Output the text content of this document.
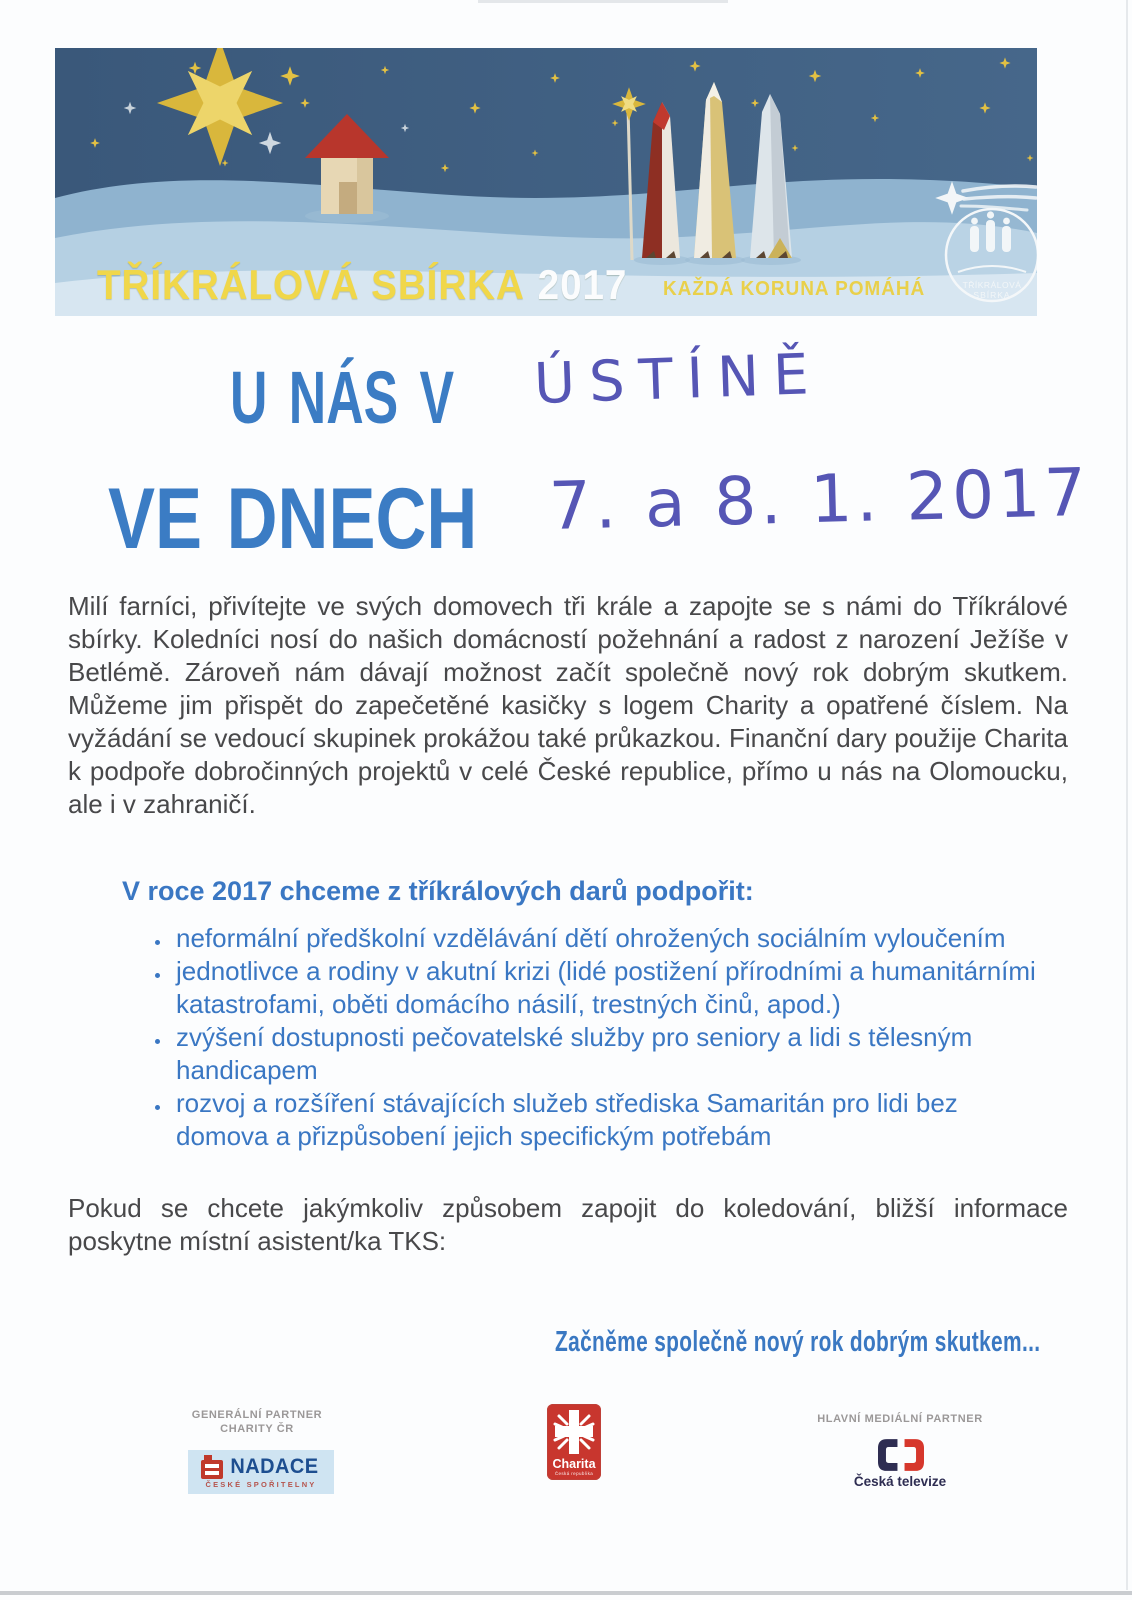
TŘÍKRÁLOVÁ
SBÍRKA
TŘÍKRÁLOVÁ SBÍRKA 2017 KAŽDÁ KORUNA POMÁHÁ
U NÁS V ÚSTÍNĚ
VE DNECH 7. a 8. 1. 2017
Milí farníci, přivítejte ve svých domovech tři krále a zapojte se s námi do Tříkrálové sbírky. Koledníci nosí do našich domácností požehnání a radost z narození Ježíše v Betlémě. Zároveň nám dávají možnost začít společně nový rok dobrým skutkem. Můžeme jim přispět do zapečetěné kasičky s logem Charity a opatřené číslem. Na vyžádání se vedoucí skupinek prokážou také průkazkou. Finanční dary použije Charita k podpoře dobročinných projektů v celé České republice, přímo u nás na Olomoucku, ale i v zahraničí.
V roce 2017 chceme z tříkrálových darů podpořit:
• neformální předškolní vzdělávání dětí ohrožených sociálním vyloučením
• jednotlivce a rodiny v akutní krizi (lidé postižení přírodními a humanitárními katastrofami, oběti domácího násilí, trestných činů, apod.)
• zvýšení dostupnosti pečovatelské služby pro seniory a lidi s tělesným handicapem
• rozvoj a rozšíření stávajících služeb střediska Samaritán pro lidi bez domova a přizpůsobení jejich specifickým potřebám
Pokud se chcete jakýmkoliv způsobem zapojit do koledování, bližší informace poskytne místní asistent/ka TKS:
Začněme společně nový rok dobrým skutkem...
GENERÁLNÍ PARTNER
CHARITY ČR
NADACE
ČESKÉ SPOŘITELNY
Charita
Česká republika
HLAVNÍ MEDIÁLNÍ PARTNER
Česká televize
